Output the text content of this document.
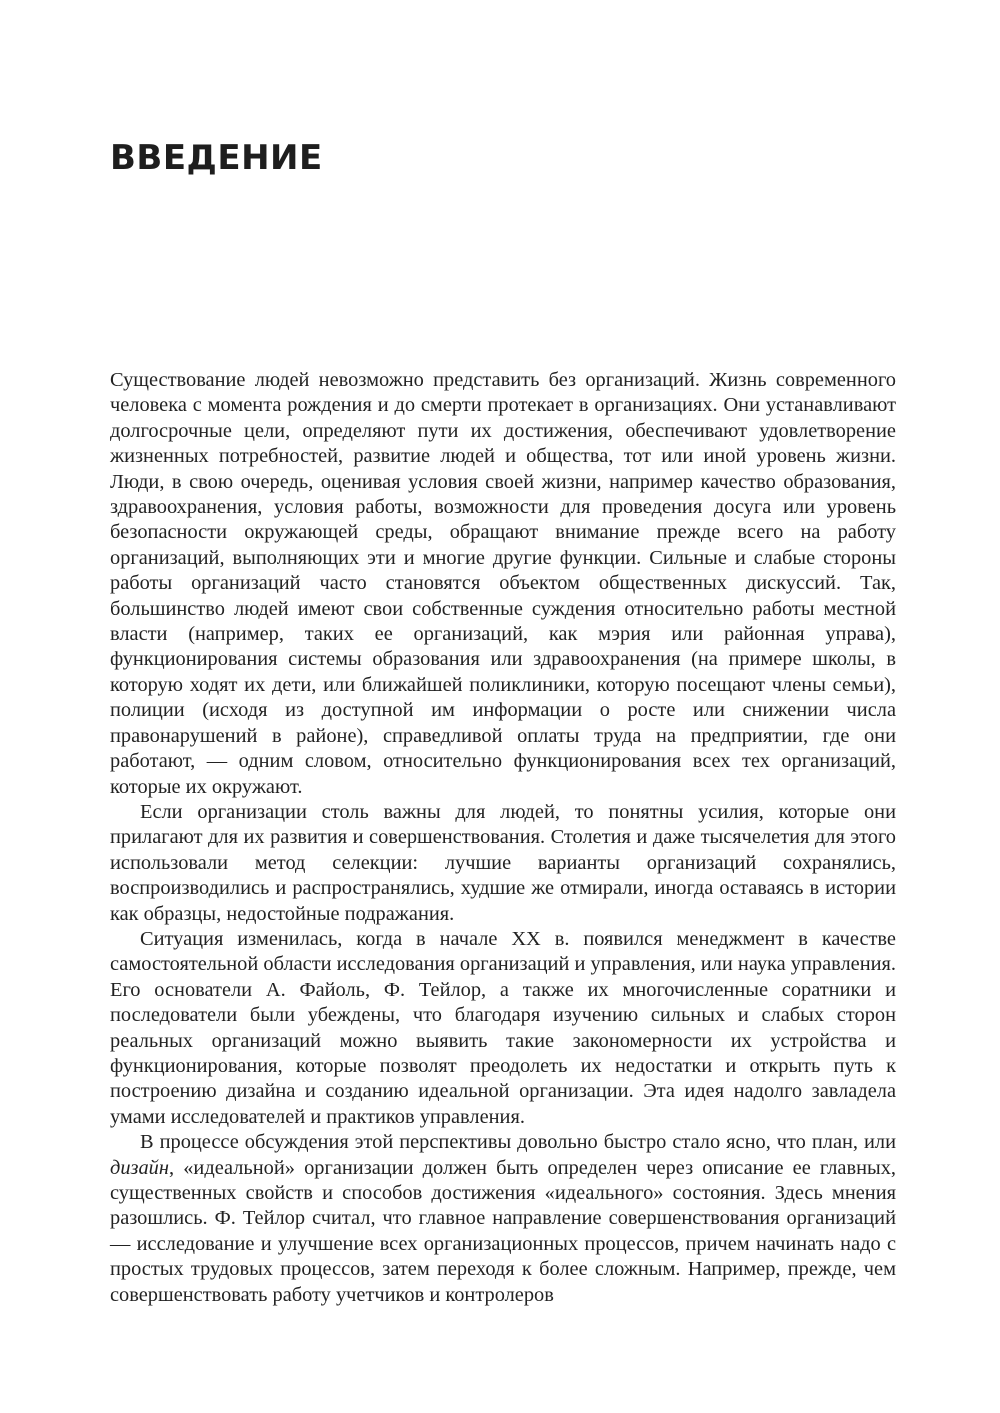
ВВЕДЕНИЕ

Существование людей невозможно представить без организаций. Жизнь современного человека с момента рождения и до смерти протекает в организациях. Они устанавливают долгосрочные цели, определяют пути их достижения, обеспечивают удовлетворение жизненных потребностей, развитие людей и общества, тот или иной уровень жизни. Люди, в свою очередь, оценивая условия своей жизни, например качество образования, здравоохранения, условия работы, возможности для проведения досуга или уровень безопасности окружающей среды, обращают внимание прежде всего на работу организаций, выполняющих эти и многие другие функции. Сильные и слабые стороны работы организаций часто становятся объектом общественных дискуссий. Так, большинство людей имеют свои собственные суждения относительно работы местной власти (например, таких ее организаций, как мэрия или районная управа), функционирования системы образования или здравоохранения (на примере школы, в которую ходят их дети, или ближайшей поликлиники, которую посещают члены семьи), полиции (исходя из доступной им информации о росте или снижении числа правонарушений в районе), справедливой оплаты труда на предприятии, где они работают, — одним словом, относительно функционирования всех тех организаций, которые их окружают.

Если организации столь важны для людей, то понятны усилия, которые они прилагают для их развития и совершенствования. Столетия и даже тысячелетия для этого использовали метод селекции: лучшие варианты организаций сохранялись, воспроизводились и распространялись, худшие же отмирали, иногда оставаясь в истории как образцы, недостойные подражания.

Ситуация изменилась, когда в начале XX в. появился менеджмент в качестве самостоятельной области исследования организаций и управления, или наука управления. Его основатели А. Файоль, Ф. Тейлор, а также их многочисленные соратники и последователи были убеждены, что благодаря изучению сильных и слабых сторон реальных организаций можно выявить такие закономерности их устройства и функционирования, которые позволят преодолеть их недостатки и открыть путь к построению дизайна и созданию идеальной организации. Эта идея надолго завладела умами исследователей и практиков управления.

В процессе обсуждения этой перспективы довольно быстро стало ясно, что план, или дизайн, «идеальной» организации должен быть определен через описание ее главных, существенных свойств и способов достижения «идеального» состояния. Здесь мнения разошлись. Ф. Тейлор считал, что главное направление совершенствования организаций — исследование и улучшение всех организационных процессов, причем начинать надо с простых трудовых процессов, затем переходя к более сложным. Например, прежде, чем совершенствовать работу учетчиков и контролеров
